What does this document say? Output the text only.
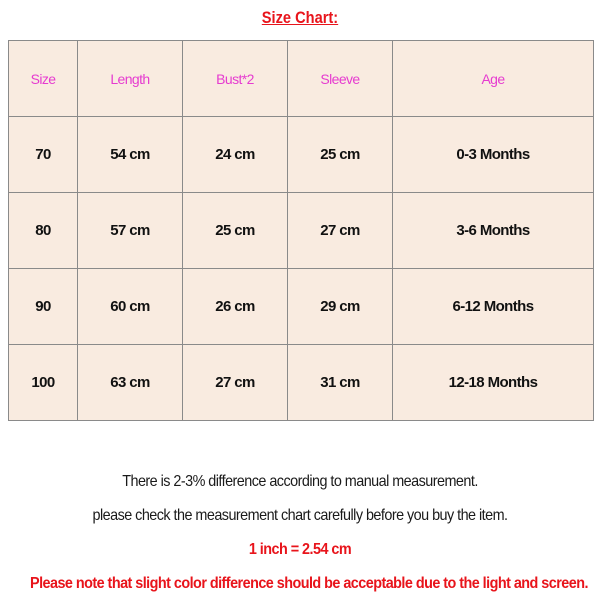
Size Chart:
Size	Length	Bust*2	Sleeve	Age
70	54 cm	24 cm	25 cm	0-3 Months
80	57 cm	25 cm	27 cm	3-6 Months
90	60 cm	26 cm	29 cm	6-12 Months
100	63 cm	27 cm	31 cm	12-18 Months
There is 2-3% difference according to manual measurement.
please check the measurement chart carefully before you buy the item.
1 inch = 2.54 cm
Please note that slight color difference should be acceptable due to the light and screen.
